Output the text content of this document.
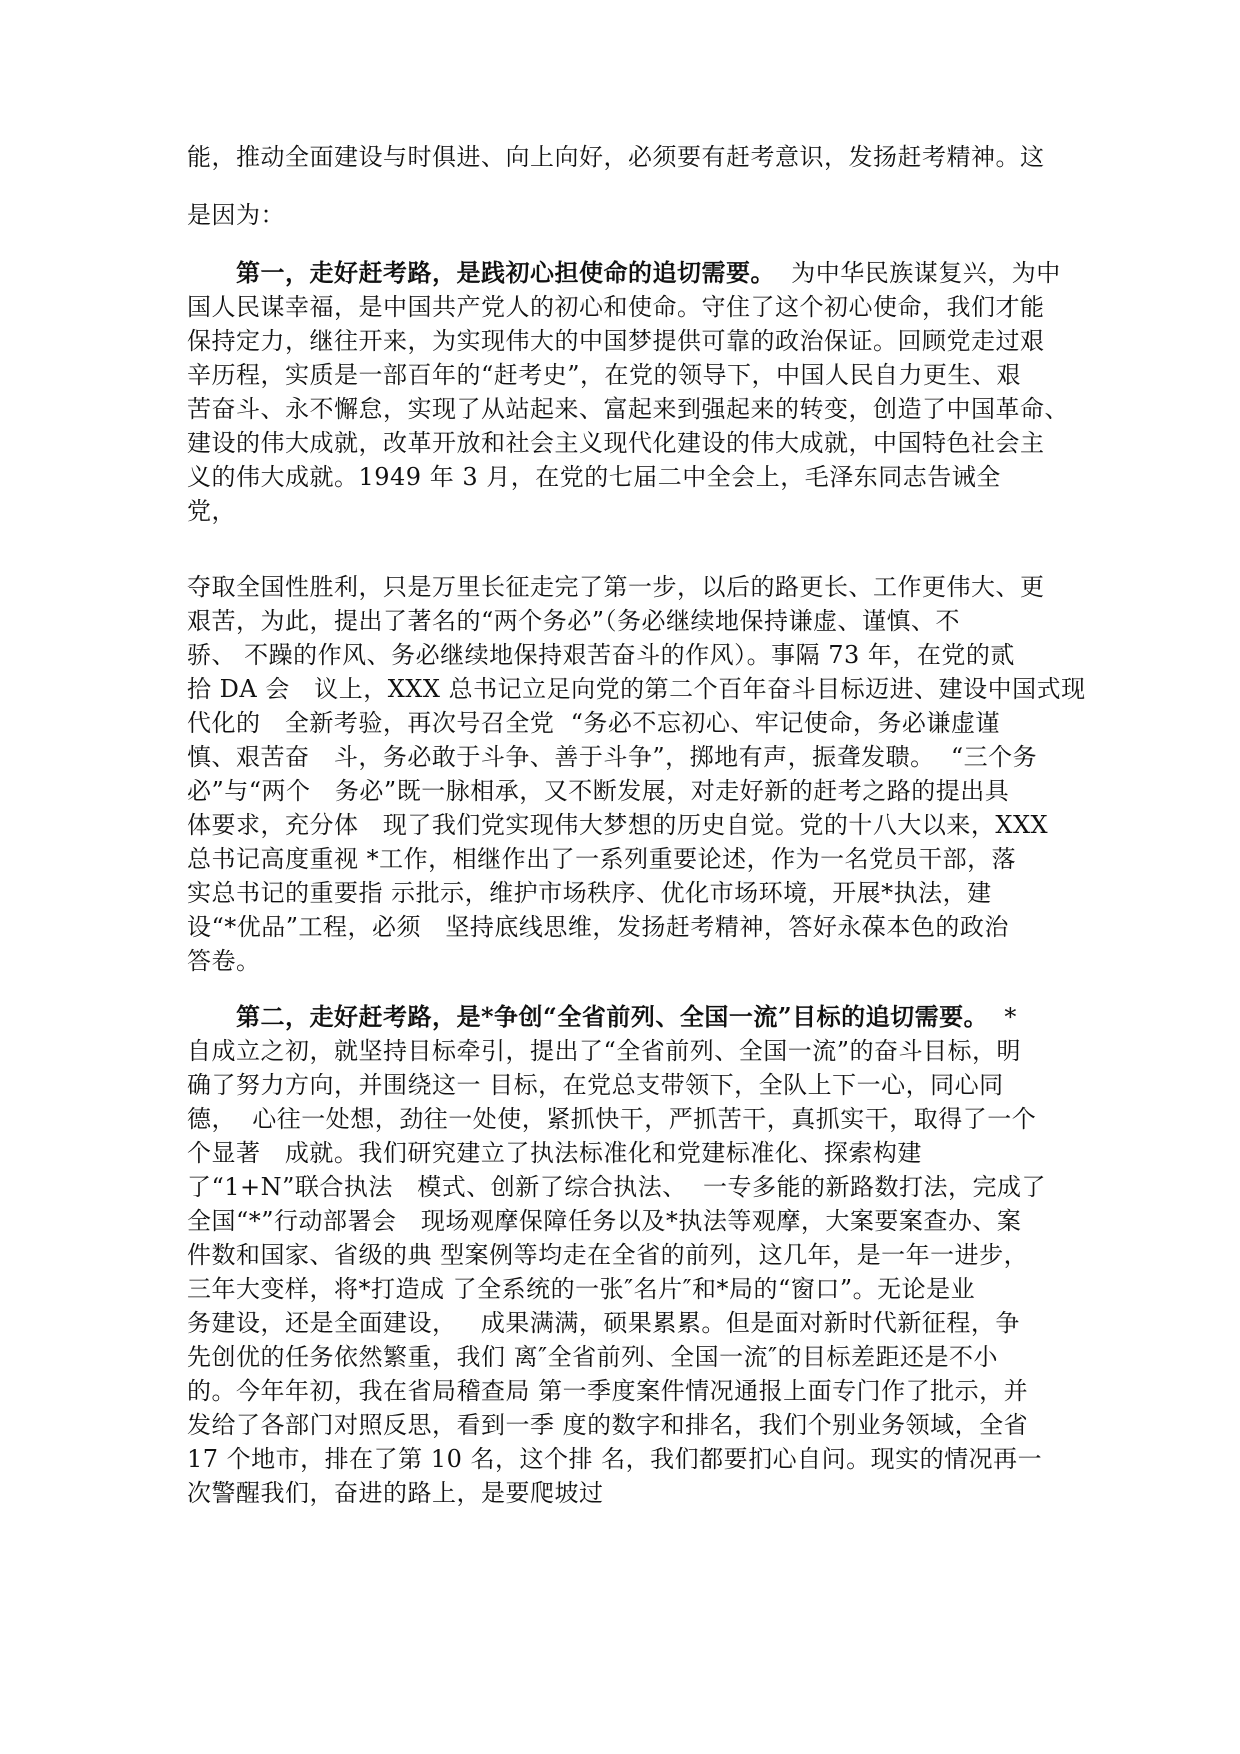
能，推动全面建设与时俱进、向上向好，必须要有赶考意识，发扬赶考精神。这
是因为：
第一，走好赶考路，是践初心担使命的追切需要。  为中华民族谋复兴，为中
国人民谋幸福，是中国共产党人的初心和使命。守住了这个初心使命，我们才能
保持定力，继往开来，为实现伟大的中国梦提供可靠的政治保证。回顾党走过艰
辛历程，实质是一部百年的“赶考史”，在党的领导下，中国人民自力更生、艰
苦奋斗、永不懈怠，实现了从站起来、富起来到强起来的转变，创造了中国革命、
建设的伟大成就，改革开放和社会主义现代化建设的伟大成就，中国特色社会主
义的伟大成就。1949 年 3 月，在党的七届二中全会上，毛泽东同志告诫全
党，
夺取全国性胜利，只是万里长征走完了第一步，以后的路更长、工作更伟大、更
艰苦，为此，提出了著名的“两个务必”（务必继续地保持谦虚、谨慎、不
骄、 不躁的作风、务必继续地保持艰苦奋斗的作风）。事隔 73 年，在党的贰
拾 DA 会   议上，XXX 总书记立足向党的第二个百年奋斗目标迈进、建设中国式现
代化的   全新考验，再次号召全党  “务必不忘初心、牢记使命，务必谦虚谨
慎、艰苦奋   斗，务必敢于斗争、善于斗争”，掷地有声，振聋发聩。  “三个务
必”与“两个   务必”既一脉相承，又不断发展，对走好新的赶考之路的提出具
体要求，充分体   现了我们党实现伟大梦想的历史自觉。党的十八大以来，XXX
总书记高度重视 *工作，相继作出了一系列重要论述，作为一名党员干部，落
实总书记的重要指 示批示，维护市场秩序、优化市场环境，开展*执法，建
设“*优品”工程，必须   坚持底线思维，发扬赶考精神，答好永葆本色的政治
答卷。
第二，走好赶考路，是*争创“全省前列、全国一流”目标的追切需要。  *
自成立之初，就坚持目标牵引，提出了“全省前列、全国一流”的奋斗目标，明
确了努力方向，并围绕这一 目标，在党总支带领下，全队上下一心，同心同
德，  心往一处想，劲往一处使，紧抓快干，严抓苦干，真抓实干，取得了一个
个显著   成就。我们研究建立了执法标准化和党建标准化、探索构建
了“1+N”联合执法   模式、创新了综合执法、  一专多能的新路数打法，完成了
全国“*”行动部署会   现场观摩保障任务以及*执法等观摩，大案要案查办、案
件数和国家、省级的典 型案例等均走在全省的前列，这几年，是一年一进步，
三年大变样，将*打造成 了全系统的一张″名片″和*局的“窗口”。无论是业
务建设，还是全面建设，   成果满满，硕果累累。但是面对新时代新征程，争
先创优的任务依然繁重，我们 离″全省前列、全国一流″的目标差距还是不小
的。今年年初，我在省局稽查局 第一季度案件情况通报上面专门作了批示，并
发给了各部门对照反思，看到一季 度的数字和排名，我们个别业务领域，全省
17 个地市，排在了第 10 名，这个排 名，我们都要扪心自问。现实的情况再一
次警醒我们，奋进的路上，是要爬坡过
